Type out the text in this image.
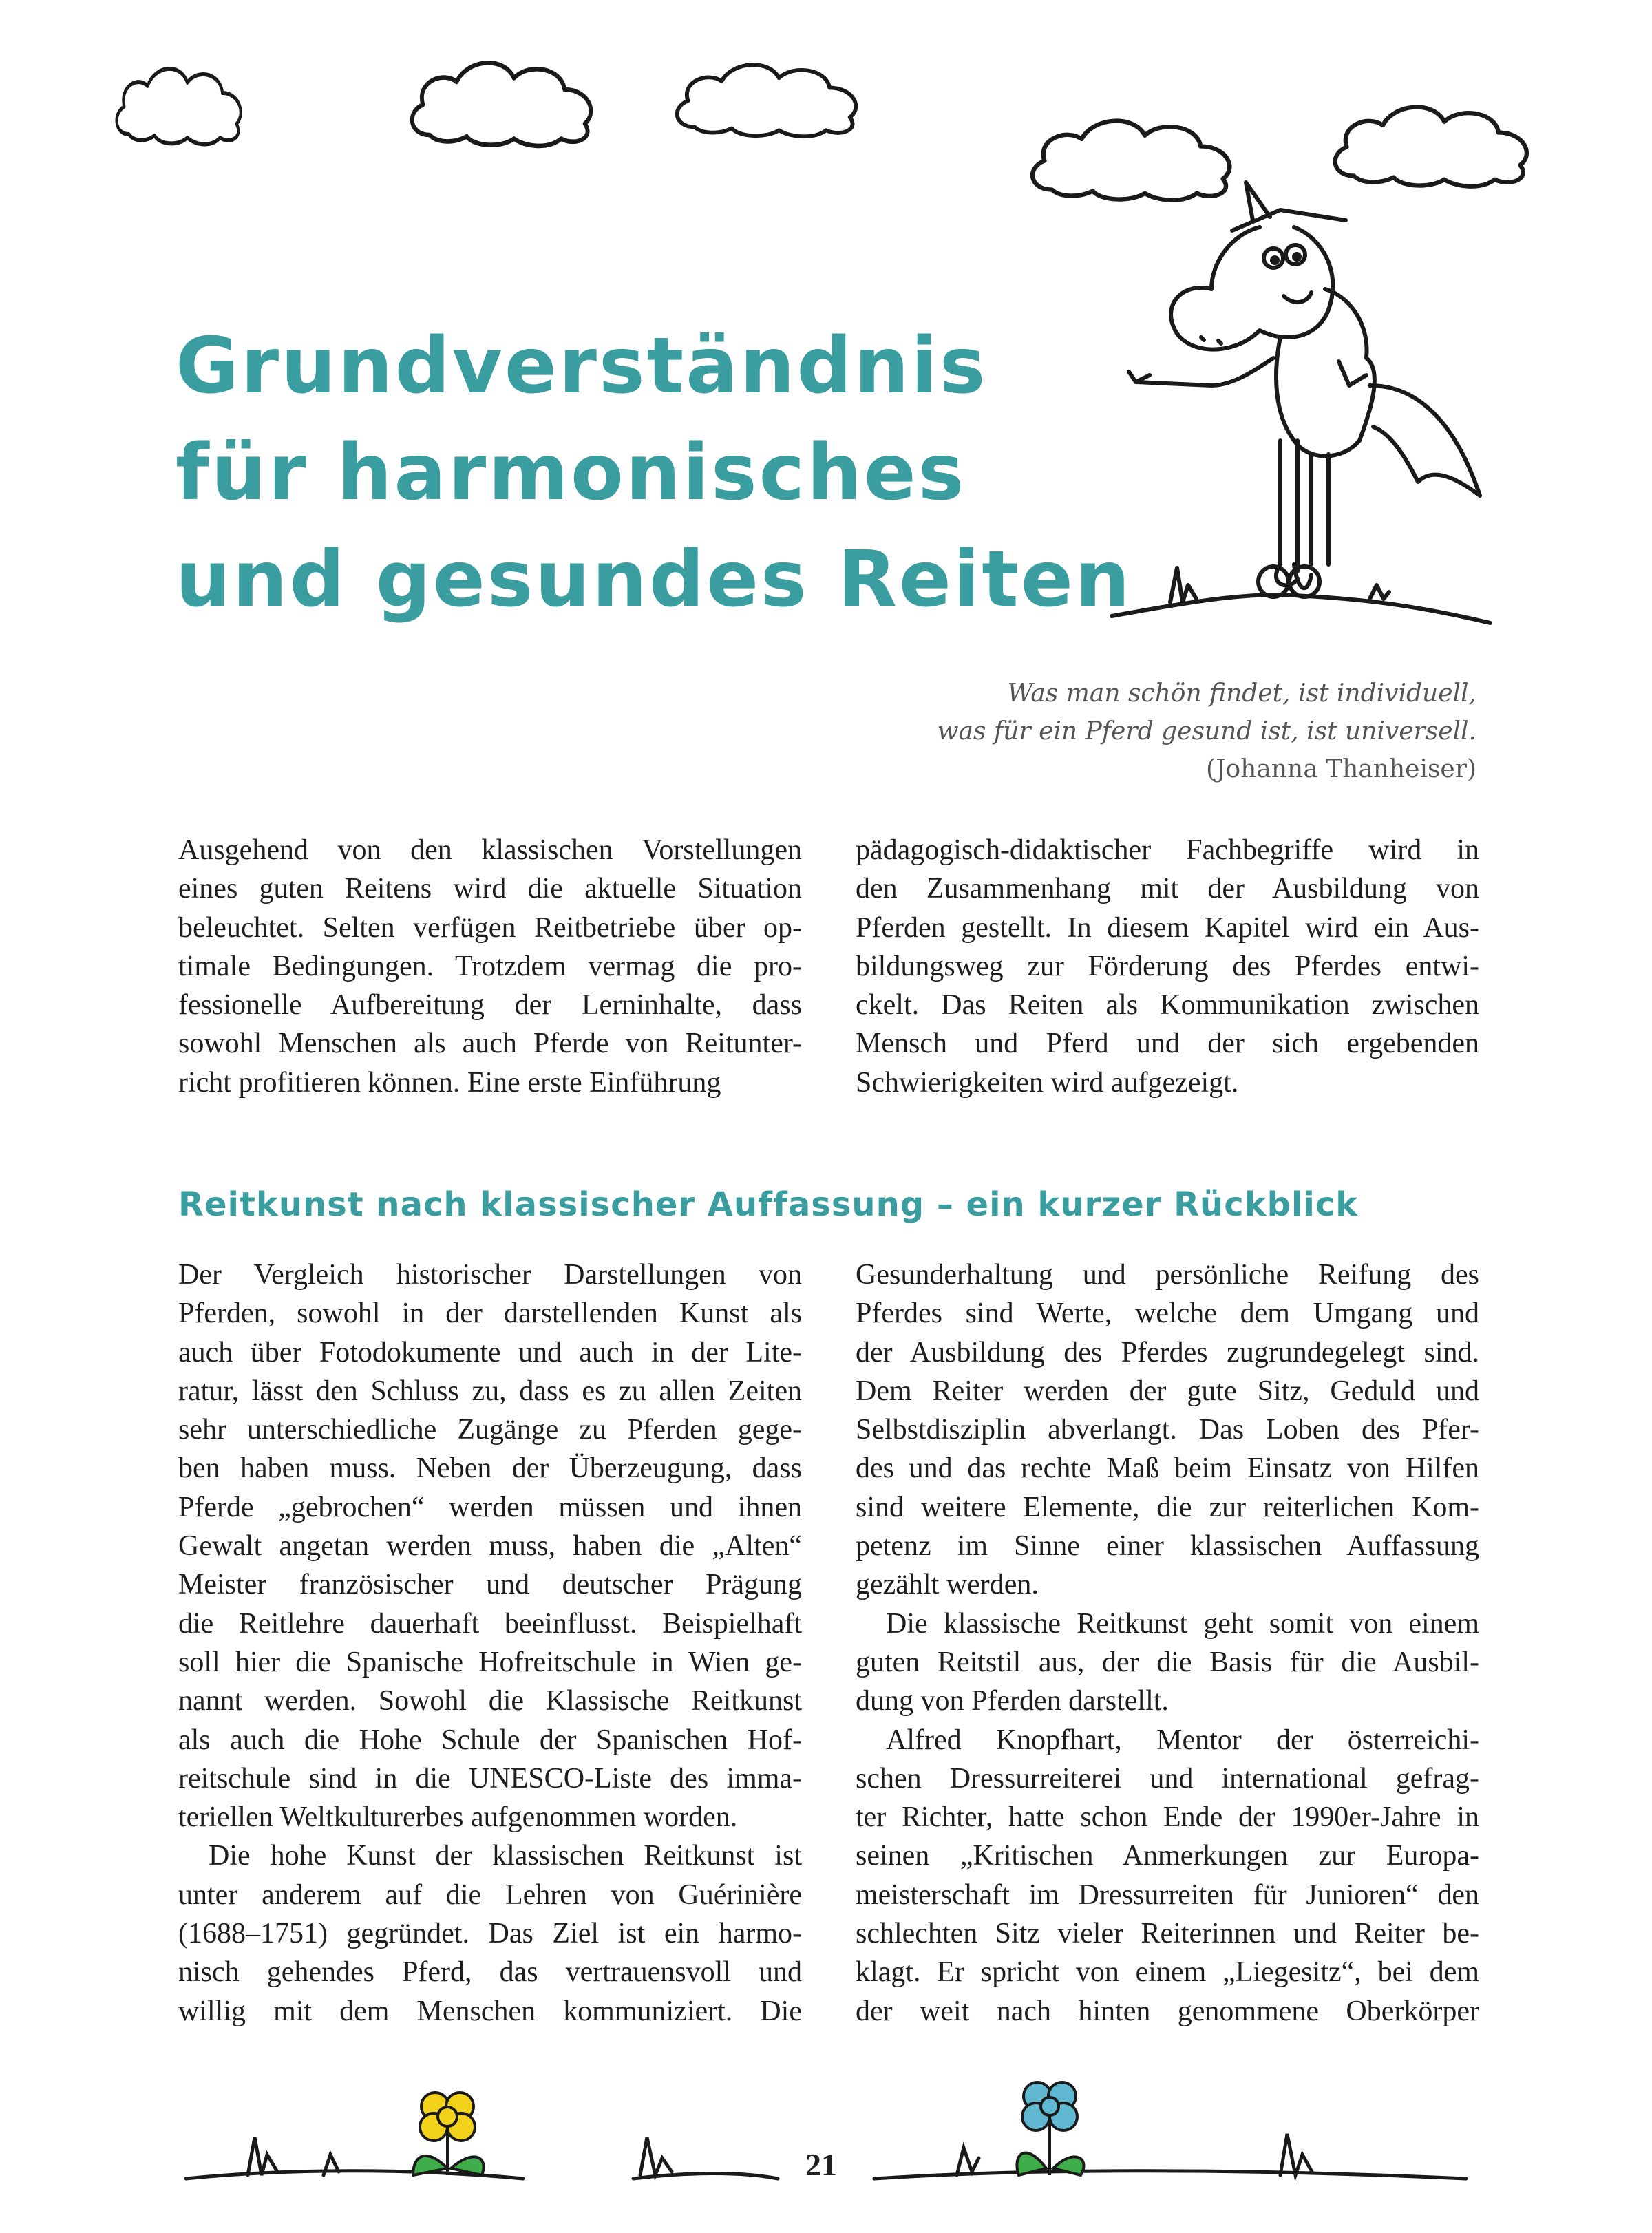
Grundverständnis
für harmonisches
und gesundes Reiten
Was man schön findet, ist individuell,
was für ein Pferd gesund ist, ist universell.
(Johanna Thanheiser)
Ausgehend von den klassischen Vorstellungen
eines guten Reitens wird die aktuelle Situation
beleuchtet. Selten verfügen Reitbetriebe über op-
timale Bedingungen. Trotzdem vermag die pro-
fessionelle Aufbereitung der Lerninhalte, dass
sowohl Menschen als auch Pferde von Reitunter-
richt profitieren können. Eine erste Einführung
pädagogisch-didaktischer Fachbegriffe wird in
den Zusammenhang mit der Ausbildung von
Pferden gestellt. In diesem Kapitel wird ein Aus-
bildungsweg zur Förderung des Pferdes entwi-
ckelt. Das Reiten als Kommunikation zwischen
Mensch und Pferd und der sich ergebenden
Schwierigkeiten wird aufgezeigt.
Reitkunst nach klassischer Auffassung – ein kurzer Rückblick
Der Vergleich historischer Darstellungen von
Pferden, sowohl in der darstellenden Kunst als
auch über Fotodokumente und auch in der Lite-
ratur, lässt den Schluss zu, dass es zu allen Zeiten
sehr unterschiedliche Zugänge zu Pferden gege-
ben haben muss. Neben der Überzeugung, dass
Pferde „gebrochen“ werden müssen und ihnen
Gewalt angetan werden muss, haben die „Alten“
Meister französischer und deutscher Prägung
die Reitlehre dauerhaft beeinflusst. Beispielhaft
soll hier die Spanische Hofreitschule in Wien ge-
nannt werden. Sowohl die Klassische Reitkunst
als auch die Hohe Schule der Spanischen Hof-
reitschule sind in die UNESCO-Liste des imma-
teriellen Weltkulturerbes aufgenommen worden.
Die hohe Kunst der klassischen Reitkunst ist
unter anderem auf die Lehren von Guérinière
(1688–1751) gegründet. Das Ziel ist ein harmo-
nisch gehendes Pferd, das vertrauensvoll und
willig mit dem Menschen kommuniziert. Die
Gesunderhaltung und persönliche Reifung des
Pferdes sind Werte, welche dem Umgang und
der Ausbildung des Pferdes zugrundegelegt sind.
Dem Reiter werden der gute Sitz, Geduld und
Selbstdisziplin abverlangt. Das Loben des Pfer-
des und das rechte Maß beim Einsatz von Hilfen
sind weitere Elemente, die zur reiterlichen Kom-
petenz im Sinne einer klassischen Auffassung
gezählt werden.
Die klassische Reitkunst geht somit von einem
guten Reitstil aus, der die Basis für die Ausbil-
dung von Pferden darstellt.
Alfred Knopfhart, Mentor der österreichi-
schen Dressurreiterei und international gefrag-
ter Richter, hatte schon Ende der 1990er-Jahre in
seinen „Kritischen Anmerkungen zur Europa-
meisterschaft im Dressurreiten für Junioren“ den
schlechten Sitz vieler Reiterinnen und Reiter be-
klagt. Er spricht von einem „Liegesitz“, bei dem
der weit nach hinten genommene Oberkörper
21
